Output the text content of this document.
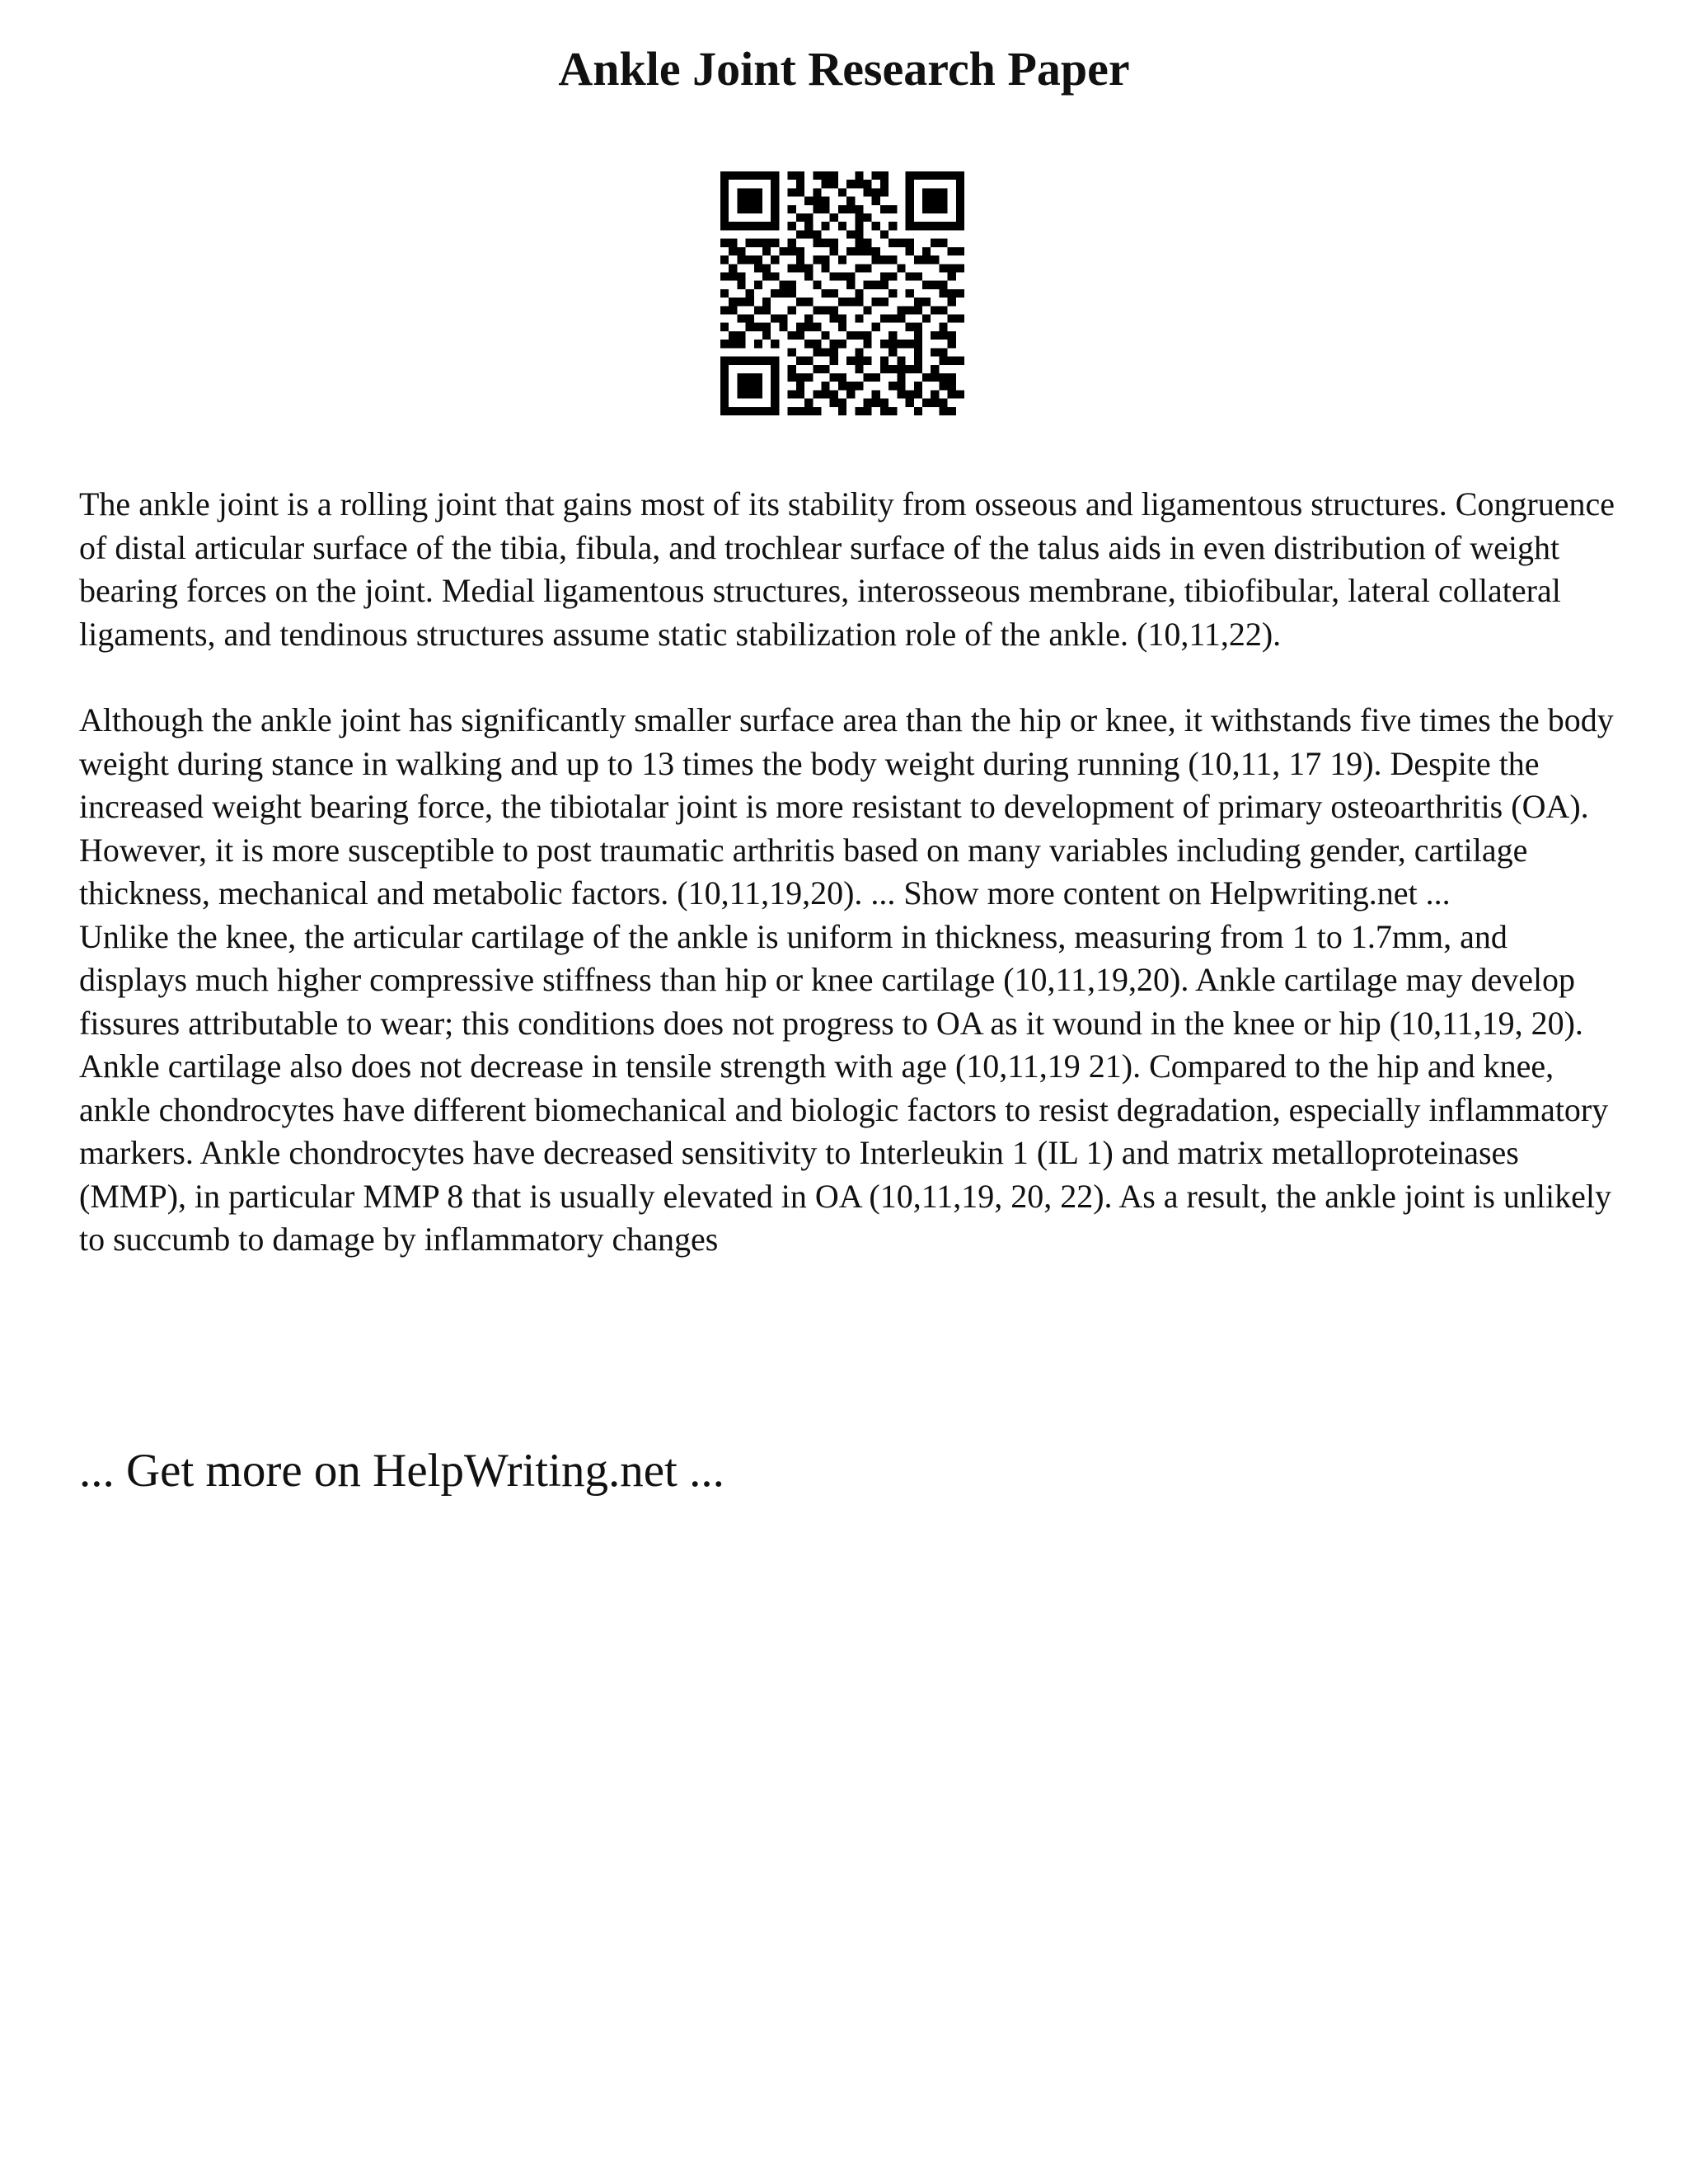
Ankle Joint Research Paper

The ankle joint is a rolling joint that gains most of its stability from osseous and ligamentous structures. Congruence of distal articular surface of the tibia, fibula, and trochlear surface of the talus aids in even distribution of weight bearing forces on the joint. Medial ligamentous structures, interosseous membrane, tibiofibular, lateral collateral ligaments, and tendinous structures assume static stabilization role of the ankle. (10,11,22).

Although the ankle joint has significantly smaller surface area than the hip or knee, it withstands five times the body weight during stance in walking and up to 13 times the body weight during running (10,11, 17 19). Despite the increased weight bearing force, the tibiotalar joint is more resistant to development of primary osteoarthritis (OA). However, it is more susceptible to post traumatic arthritis based on many variables including gender, cartilage thickness, mechanical and metabolic factors. (10,11,19,20). ... Show more content on Helpwriting.net ...

Unlike the knee, the articular cartilage of the ankle is uniform in thickness, measuring from 1 to 1.7mm, and displays much higher compressive stiffness than hip or knee cartilage (10,11,19,20). Ankle cartilage may develop fissures attributable to wear; this conditions does not progress to OA as it wound in the knee or hip (10,11,19, 20). Ankle cartilage also does not decrease in tensile strength with age (10,11,19 21). Compared to the hip and knee, ankle chondrocytes have different biomechanical and biologic factors to resist degradation, especially inflammatory markers. Ankle chondrocytes have decreased sensitivity to Interleukin 1 (IL 1) and matrix metalloproteinases (MMP), in particular MMP 8 that is usually elevated in OA (10,11,19, 20, 22). As a result, the ankle joint is unlikely to succumb to damage by inflammatory changes

... Get more on HelpWriting.net ...
